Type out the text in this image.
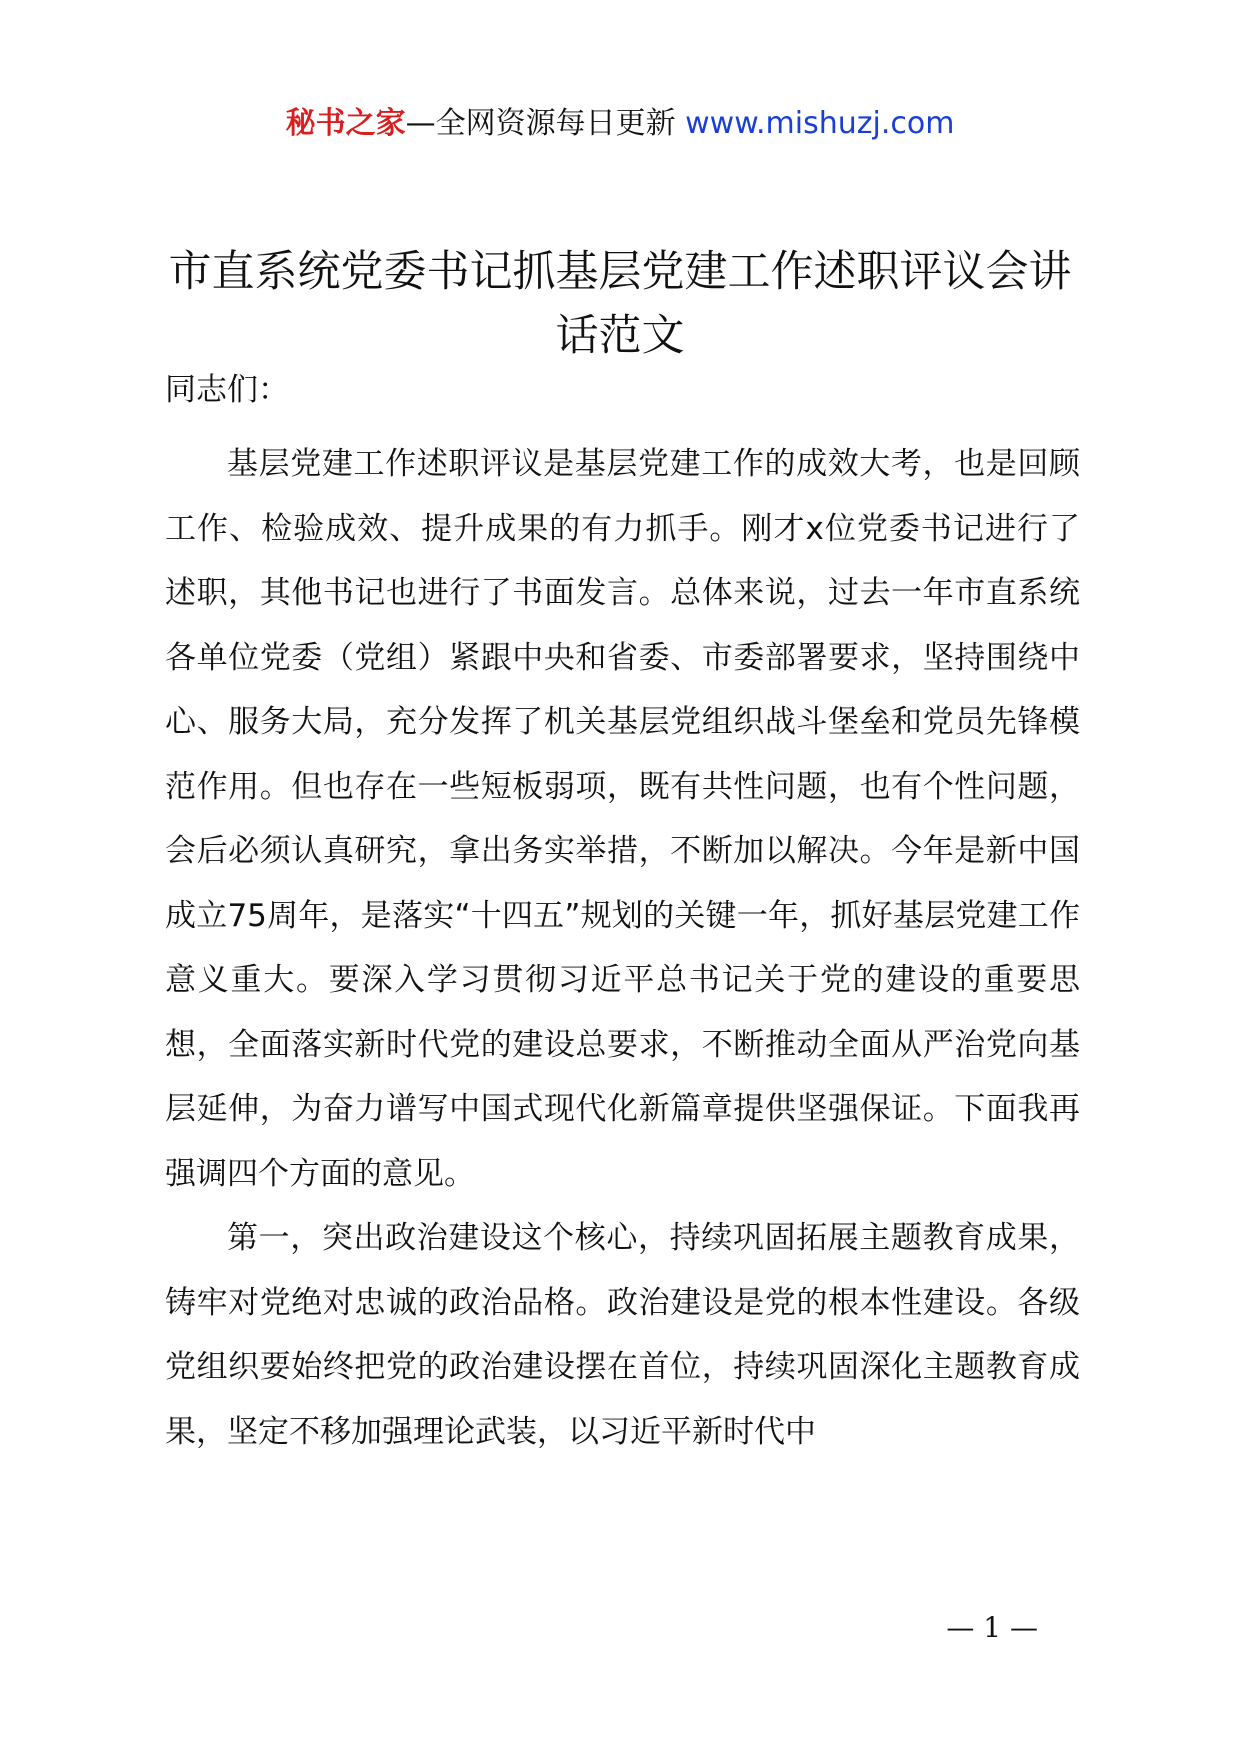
秘书之家—全网资源每日更新 www.mishuzj.com
市直系统党委书记抓基层党建工作述职评议会讲话范文
同志们：

基层党建工作述职评议是基层党建工作的成效大考，也是回顾工作、检验成效、提升成果的有力抓手。刚才x位党委书记进行了述职，其他书记也进行了书面发言。总体来说，过去一年市直系统各单位党委（党组）紧跟中央和省委、市委部署要求，坚持围绕中心、服务大局，充分发挥了机关基层党组织战斗堡垒和党员先锋模范作用。但也存在一些短板弱项，既有共性问题，也有个性问题，会后必须认真研究，拿出务实举措，不断加以解决。今年是新中国成立75周年，是落实“十四五”规划的关键一年，抓好基层党建工作意义重大。要深入学习贯彻习近平总书记关于党的建设的重要思想，全面落实新时代党的建设总要求，不断推动全面从严治党向基层延伸，为奋力谱写中国式现代化新篇章提供坚强保证。下面我再强调四个方面的意见。

第一，突出政治建设这个核心，持续巩固拓展主题教育成果，铸牢对党绝对忠诚的政治品格。政治建设是党的根本性建设。各级党组织要始终把党的政治建设摆在首位，持续巩固深化主题教育成果，坚定不移加强理论武装，以习近平新时代中

— 1 —
